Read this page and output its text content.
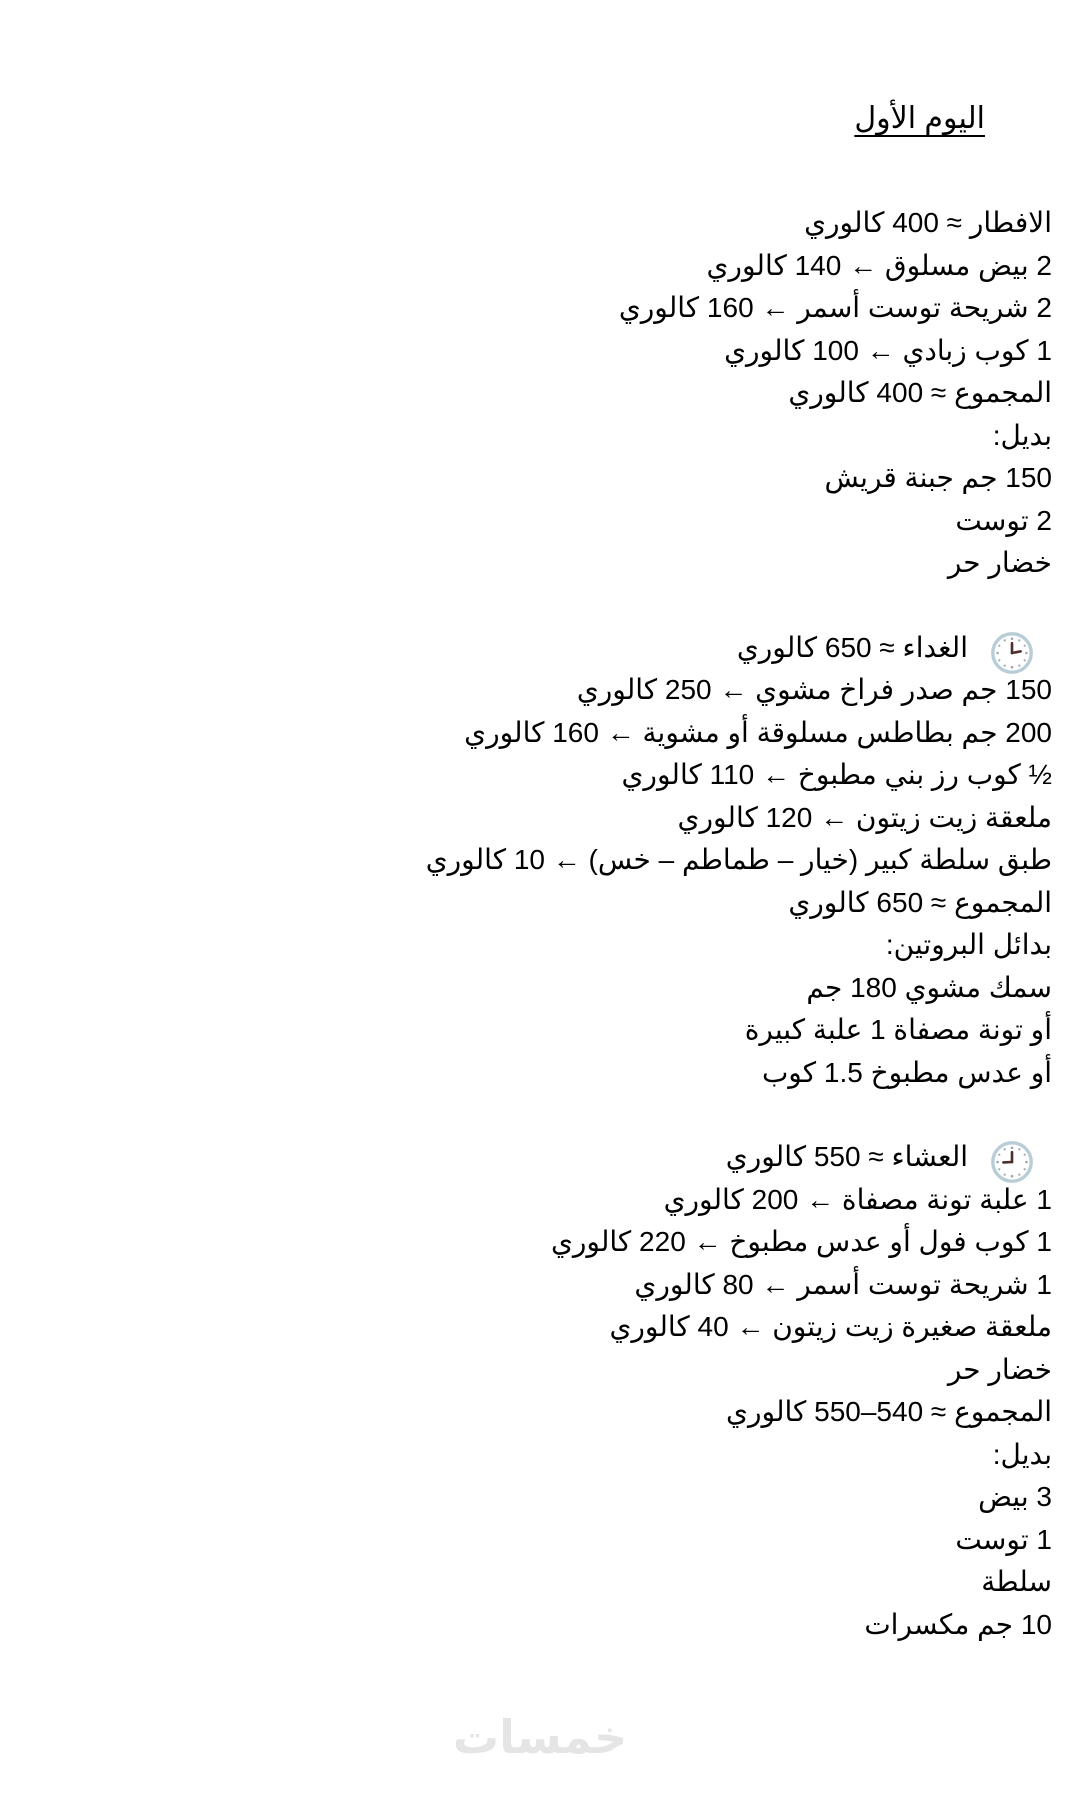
اليوم الأول

الافطار ≈ 400 كالوري

2 بيض مسلوق ← 140 كالوري

2 شريحة توست أسمر ← 160 كالوري

1 كوب زبادي ← 100 كالوري

المجموع ≈ 400 كالوري

بديل:

150 جم جبنة قريش

2 توست

خضار حر

الغداء ≈ 650 كالوري

150 جم صدر فراخ مشوي ← 250 كالوري

200 جم بطاطس مسلوقة أو مشوية ← 160 كالوري

½ كوب رز بني مطبوخ ← 110 كالوري

ملعقة زيت زيتون ← 120 كالوري

طبق سلطة كبير (خيار – طماطم – خس) ← 10 كالوري

المجموع ≈ 650 كالوري

بدائل البروتين:

سمك مشوي 180 جم

أو تونة مصفاة 1 علبة كبيرة

أو عدس مطبوخ 1.5 كوب

العشاء ≈ 550 كالوري

1 علبة تونة مصفاة ← 200 كالوري

1 كوب فول أو عدس مطبوخ ← 220 كالوري

1 شريحة توست أسمر ← 80 كالوري

ملعقة صغيرة زيت زيتون ← 40 كالوري

خضار حر

المجموع ≈ 540–550 كالوري

بديل:

3 بيض

1 توست

سلطة

10 جم مكسرات

خمسات
